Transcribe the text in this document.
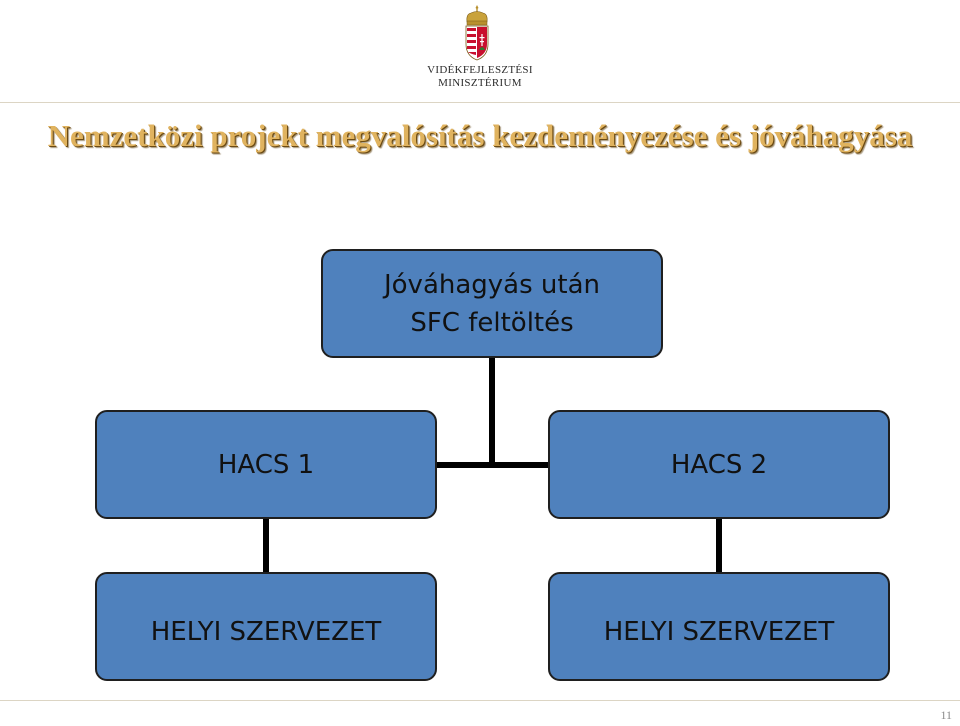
VIDÉKFEJLESZTÉSI
MINISZTÉRIUM
Nemzetközi projekt megvalósítás kezdeményezése és jóváhagyása
Jóváhagyás után
SFC feltöltés
HACS 1	HACS 2
HELYI SZERVEZET	HELYI SZERVEZET
11
